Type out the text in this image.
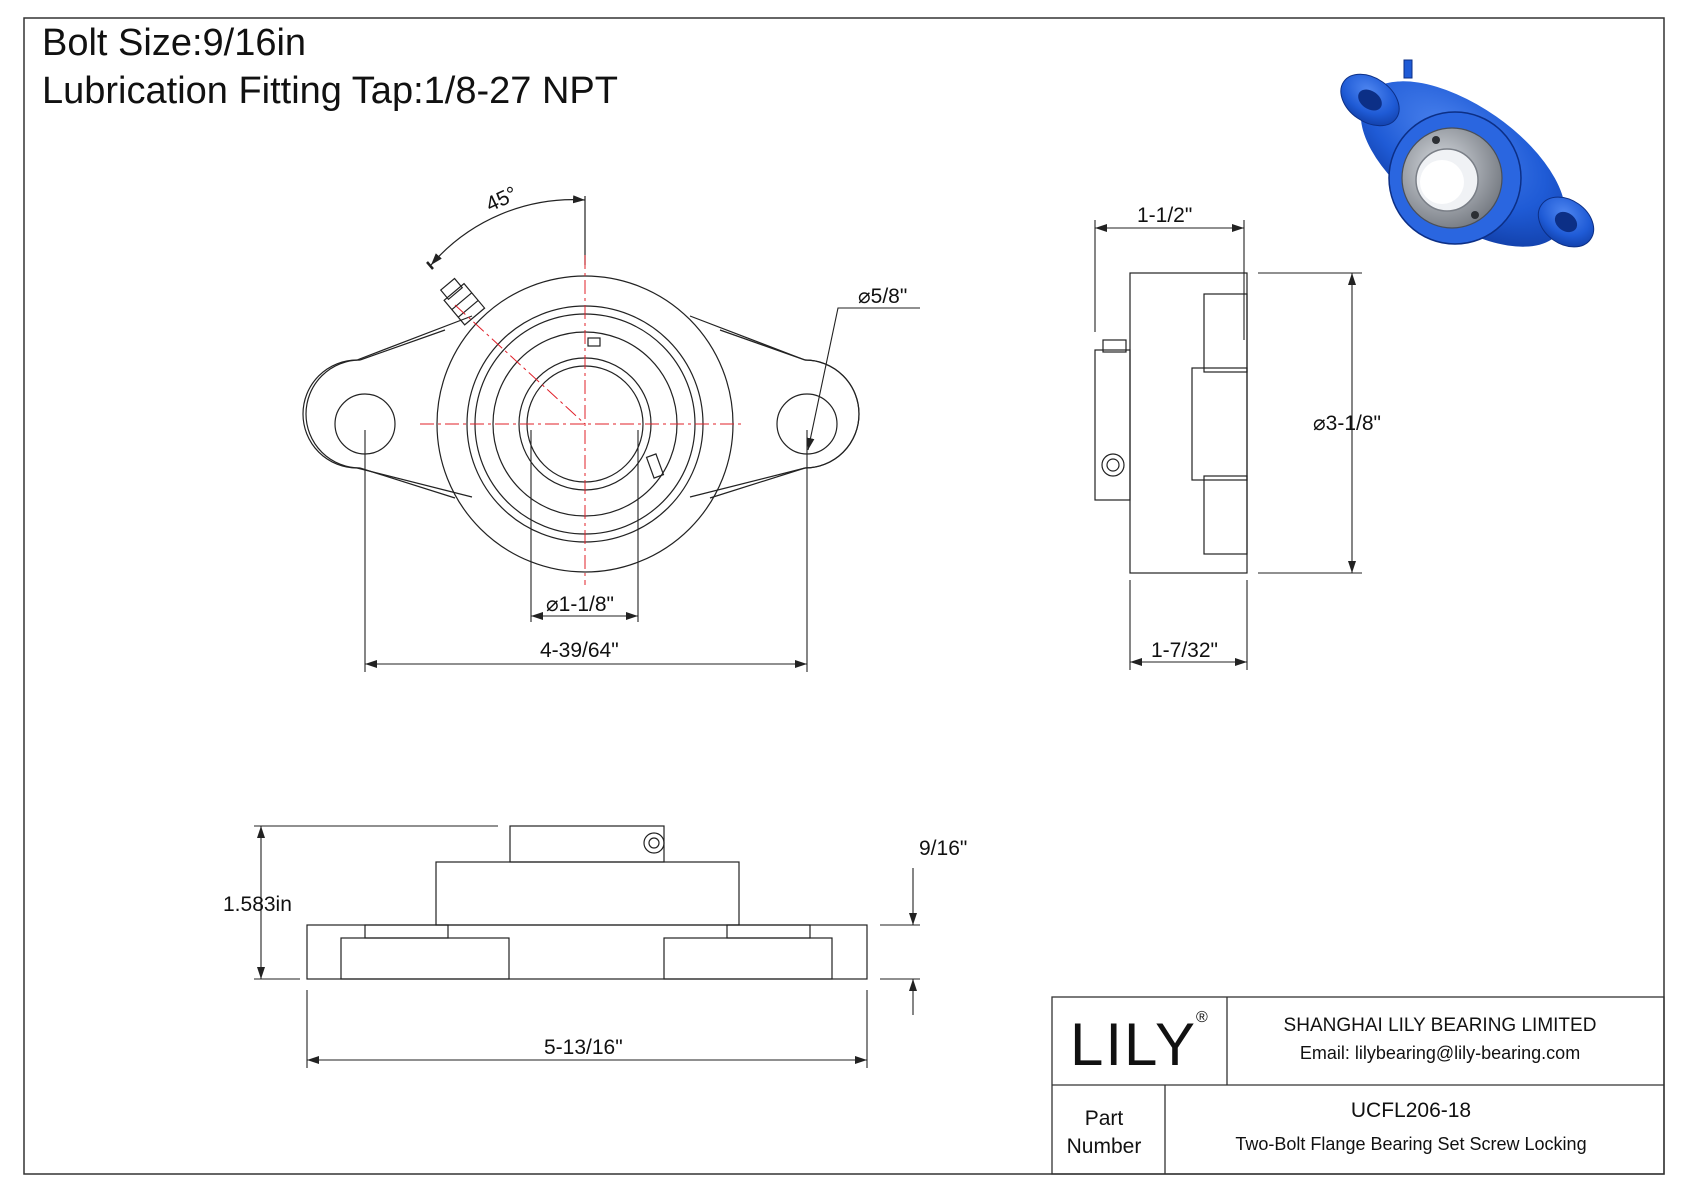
Bolt Size:9/16in
Lubrication Fitting Tap:1/8-27 NPT
45°
⌀5/8"
⌀1-1/8"
4-39/64"
1-1/2"
⌀3-1/8"
1-7/32"
1.583in
9/16"
5-13/16"	LILY ®	SHANGHAI LILY BEARING LIMITED
Email: lilybearing@lily-bearing.com
Part
Number
UCFL206-18
Two-Bolt Flange Bearing Set Screw Locking
